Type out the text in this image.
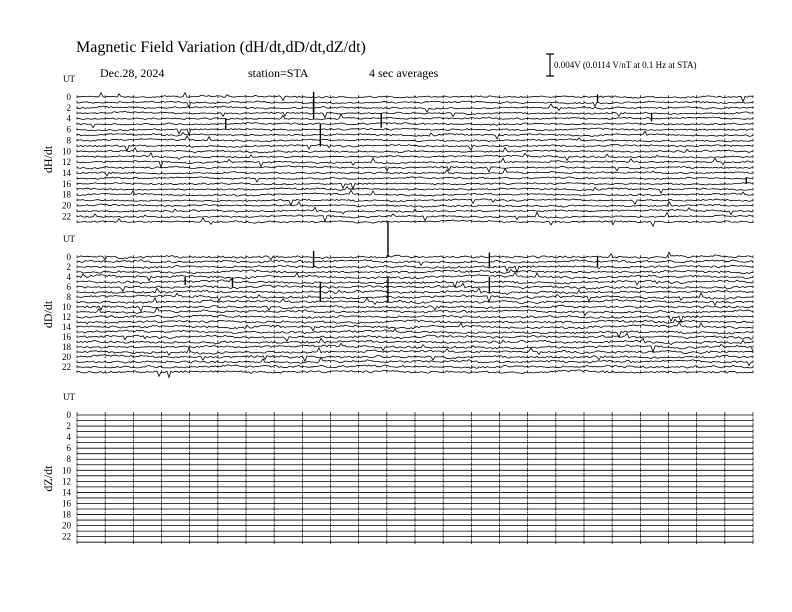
Magnetic Field Variation (dH/dt,dD/dt,dZ/dt)
Dec.28, 2024	station=STA	4 sec averages
0.004V (0.0114 V/nT at 0.1 Hz at STA)
UT
dH/dt
0
2
4
6
8
10
12
14
16
18
20
22
UT
dD/dt
0
2
4
6
8
10
12
14
16
18
20
22
UT
dZ/dt
0
2
4
6
8
10
12
14
16
18
20
22
